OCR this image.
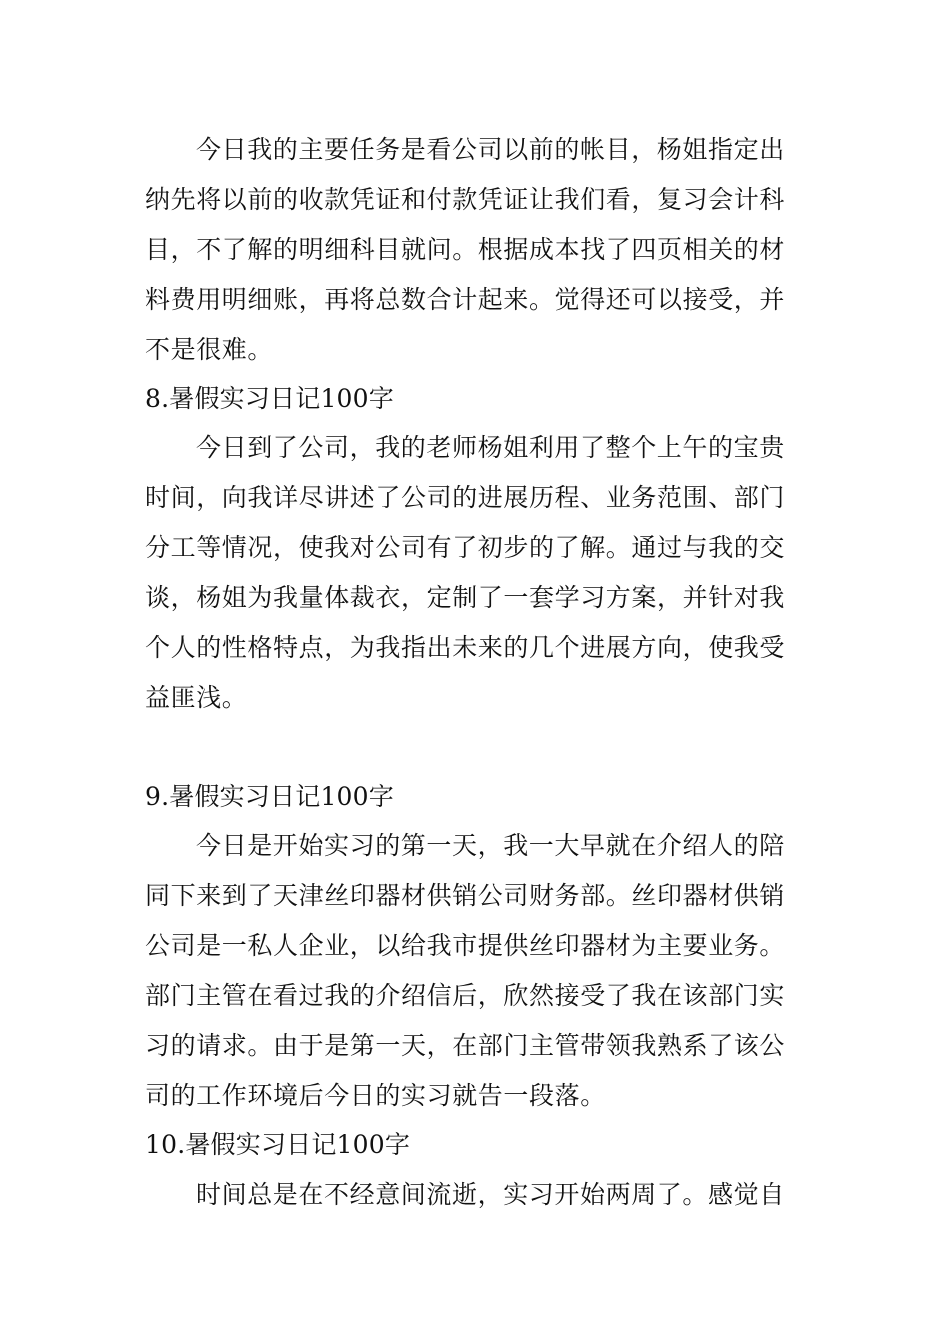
今日我的主要任务是看公司以前的帐目，杨姐指定出
纳先将以前的收款凭证和付款凭证让我们看，复习会计科
目，不了解的明细科目就问。根据成本找了四页相关的材
料费用明细账，再将总数合计起来。觉得还可以接受，并
不是很难。
8.暑假实习日记100字
今日到了公司，我的老师杨姐利用了整个上午的宝贵
时间，向我详尽讲述了公司的进展历程、业务范围、部门
分工等情况，使我对公司有了初步的了解。通过与我的交
谈，杨姐为我量体裁衣，定制了一套学习方案，并针对我
个人的性格特点，为我指出未来的几个进展方向，使我受
益匪浅。
9.暑假实习日记100字
今日是开始实习的第一天，我一大早就在介绍人的陪
同下来到了天津丝印器材供销公司财务部。丝印器材供销
公司是一私人企业，以给我市提供丝印器材为主要业务。
部门主管在看过我的介绍信后，欣然接受了我在该部门实
习的请求。由于是第一天，在部门主管带领我熟系了该公
司的工作环境后今日的实习就告一段落。
10.暑假实习日记100字
时间总是在不经意间流逝，实习开始两周了。感觉自
